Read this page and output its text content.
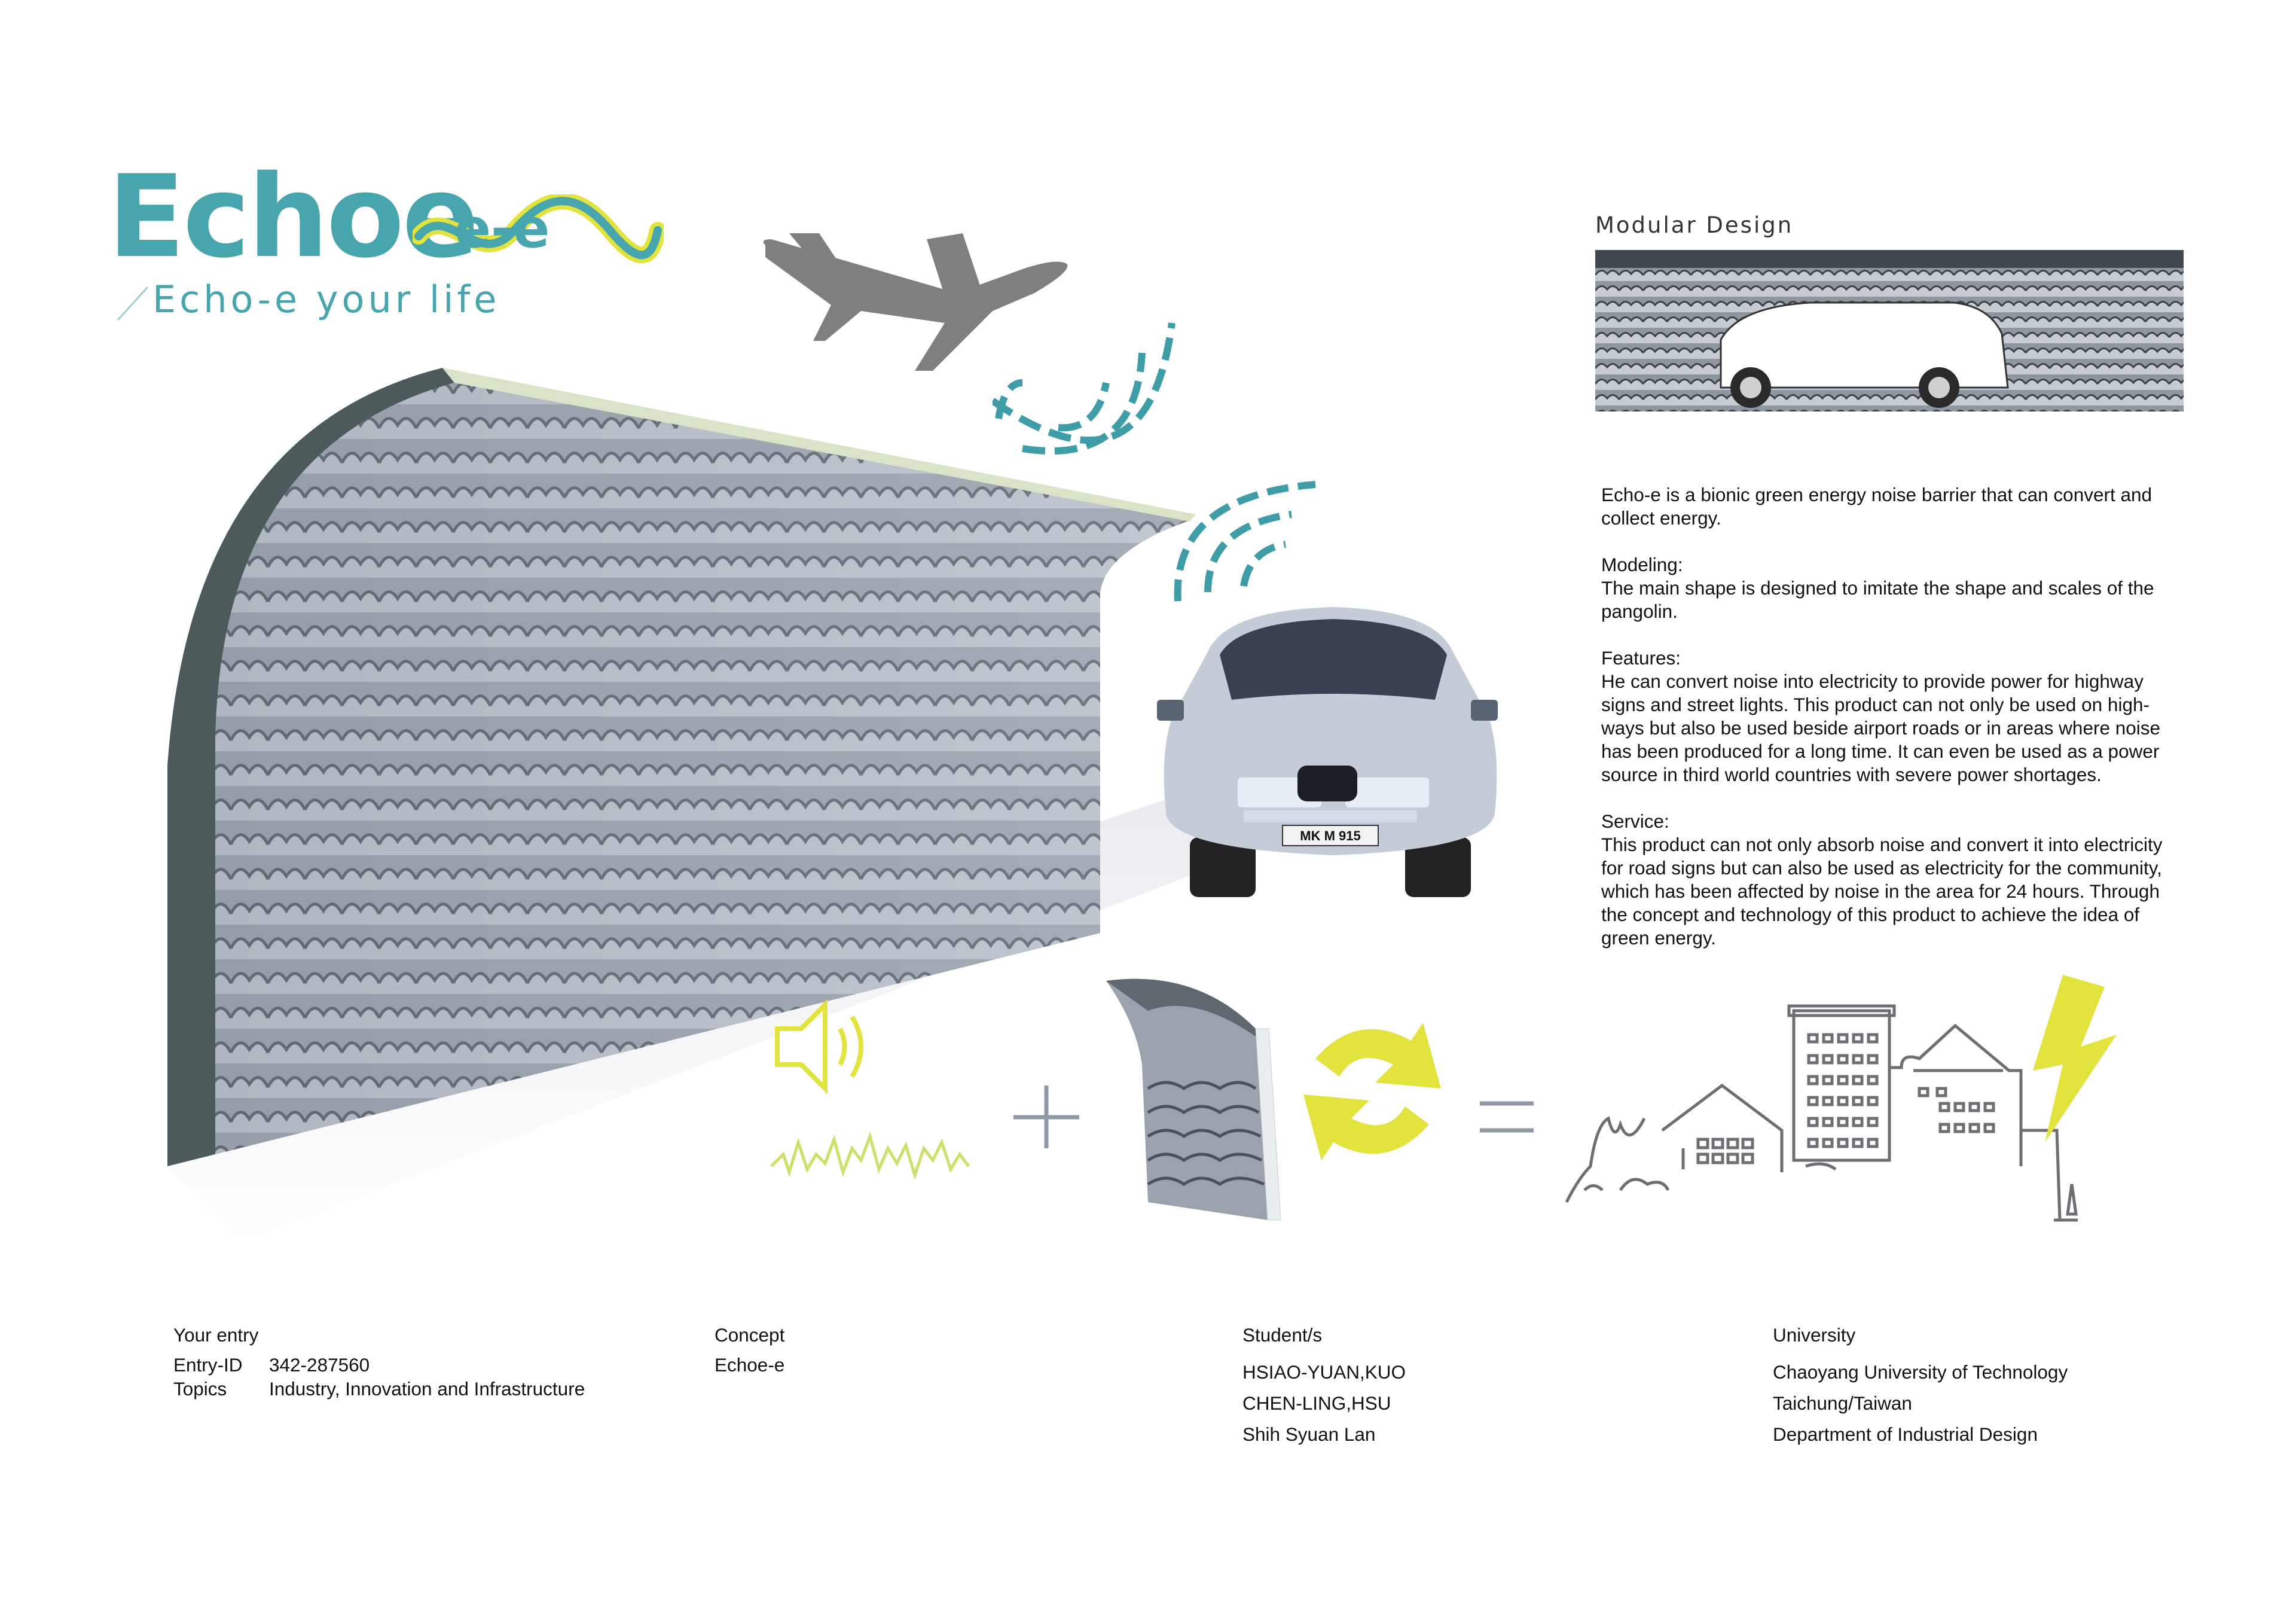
Echoe
e-e
Echo-e your life
MK M 915
Modular Design

Echo-e is a bionic green energy noise barrier that can convert and collect energy.

Modeling:
The main shape is designed to imitate the shape and scales of the pangolin.

Features:
He can convert noise into electricity to provide power for highway signs and street lights. This product can not only be used on high-ways but also be used beside airport roads or in areas where noise has been produced for a long time. It can even be used as a power source in third world countries with severe power shortages.

Service:
This product can not only absorb noise and convert it into electricity for road signs but can also be used as electricity for the community, which has been affected by noise in the area for 24 hours. Through the concept and technology of this product to achieve the idea of green energy.

Your entry
Entry-ID	342-287560
Topics	Industry, Innovation and Infrastructure
Concept
Echoe-e
Student/s
HSIAO-YUAN,KUO
CHEN-LING,HSU
Shih Syuan Lan
University
Chaoyang University of Technology
Taichung/Taiwan
Department of Industrial Design
